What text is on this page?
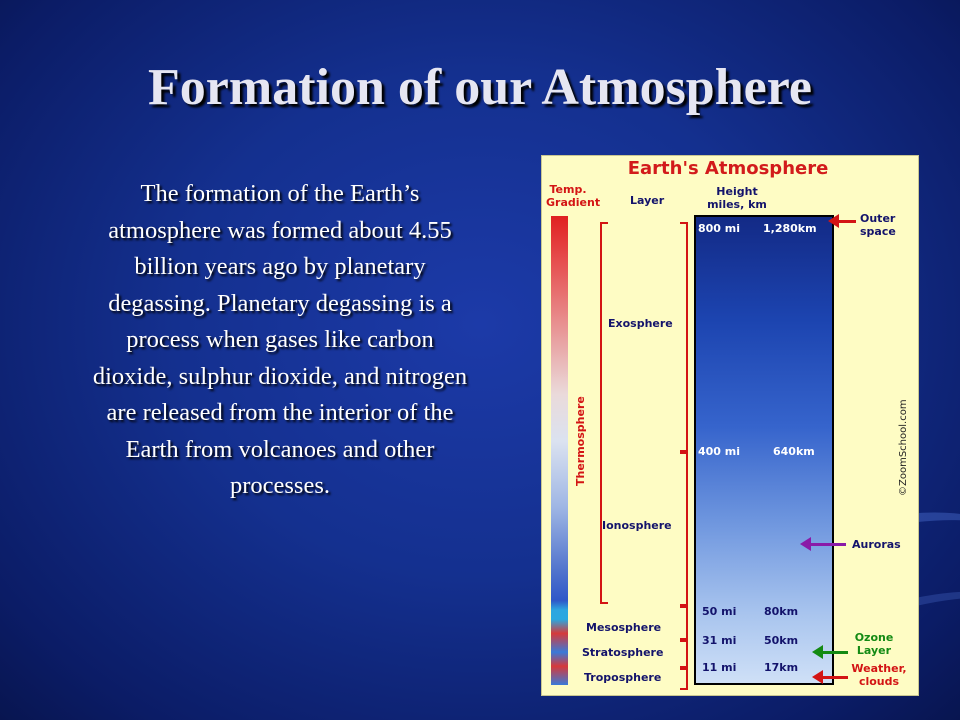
Formation of our Atmosphere
The formation of the Earth’s atmosphere was formed about 4.55 billion years ago by planetary degassing. Planetary degassing is a process when gases like carbon dioxide, sulphur dioxide, and nitrogen are released from the interior of the Earth from volcanoes and other processes.
Earth's Atmosphere
Temp.
Gradient	Layer
Height
miles, km
Thermosphere
Exosphere
Ionosphere
Mesosphere
Stratosphere
Troposphere
800 mi 1,280km
400 mi	640km
50 mi	80km
31 mi	50km
11 mi	17km
Outer
space
Auroras
Ozone
Layer
Weather,
clouds
©ZoomSchool.com
